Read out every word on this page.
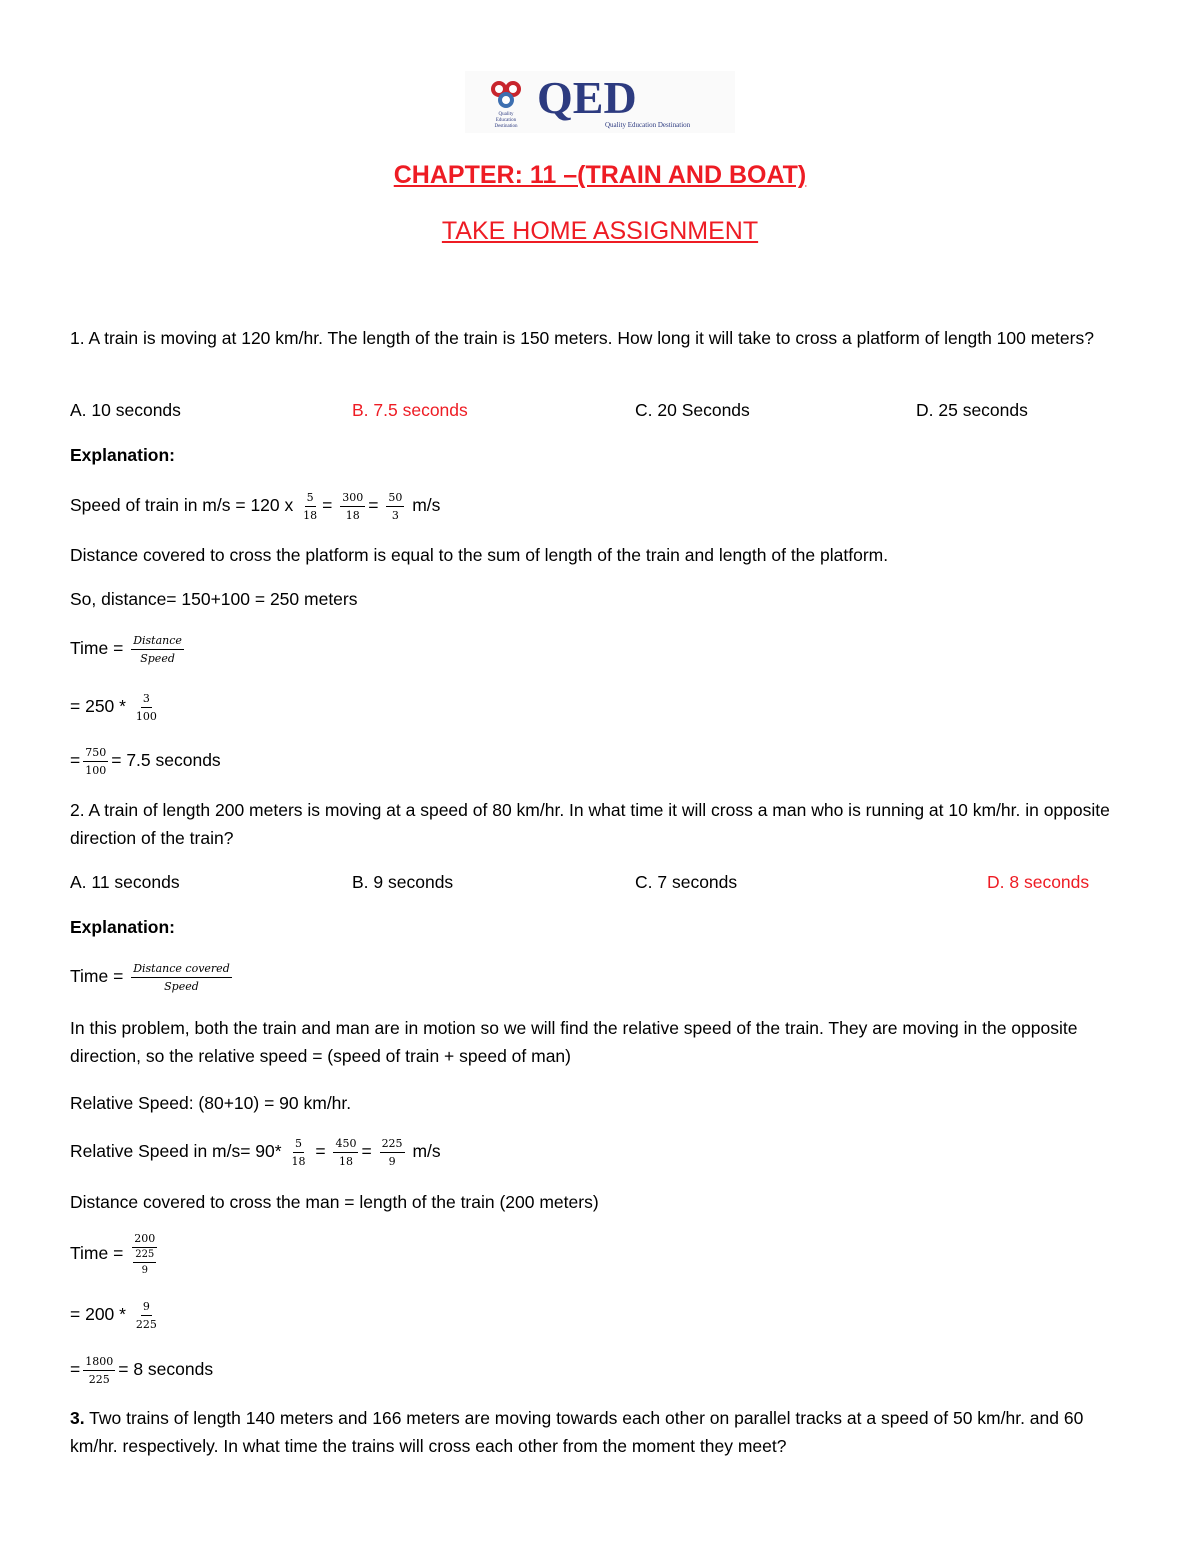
Quality
Education
Destination
QED
Quality Education Destination
CHAPTER: 11 –(TRAIN AND BOAT)
TAKE HOME ASSIGNMENT
1. A train is moving at 120 km/hr. The length of the train is 150 meters. How long it will take to cross a platform of length 100 meters?
A. 10 seconds	B. 7.5 seconds	C. 20 Seconds	D. 25 seconds
Explanation:
Speed of train in m/s = 120 x $\frac{5}{18} = \frac{300}{18} = \frac{50}{3} m/s$
Distance covered to cross the platform is equal to the sum of length of the train and length of the platform.
So, distance= 150+100 = 250 meters
Time = $\frac{\text{Distance}}{\text{Speed}}$
= $250 * \frac{3}{100}$
= $\frac{750}{100} = 7.5$ seconds
2. A train of length 200 meters is moving at a speed of 80 km/hr. In what time it will cross a man who is running at 10 km/hr. in opposite direction of the train?
A. 11 seconds	B. 9 seconds	C. 7 seconds	D. 8 seconds
Explanation:
Time = $\frac{\text{Distance covered}}{\text{Speed}}$
In this problem, both the train and man are in motion so we will find the relative speed of the train. They are moving in the opposite direction, so the relative speed = (speed of train + speed of man)
Relative Speed: (80+10) = 90 km/hr.
Relative Speed in $m/s= 90* \frac{5}{18} = \frac{450}{18} = \frac{225}{9} m/s$
Distance covered to cross the man = length of the train (200 meters)
Time = $\frac{200}{\frac{225}{9}}$
= $200 * \frac{9}{225}$
= $\frac{1800}{225} = 8$ seconds
3. Two trains of length 140 meters and 166 meters are moving towards each other on parallel tracks at a speed of 50 km/hr. and 60 km/hr. respectively. In what time the trains will cross each other from the moment they meet?
